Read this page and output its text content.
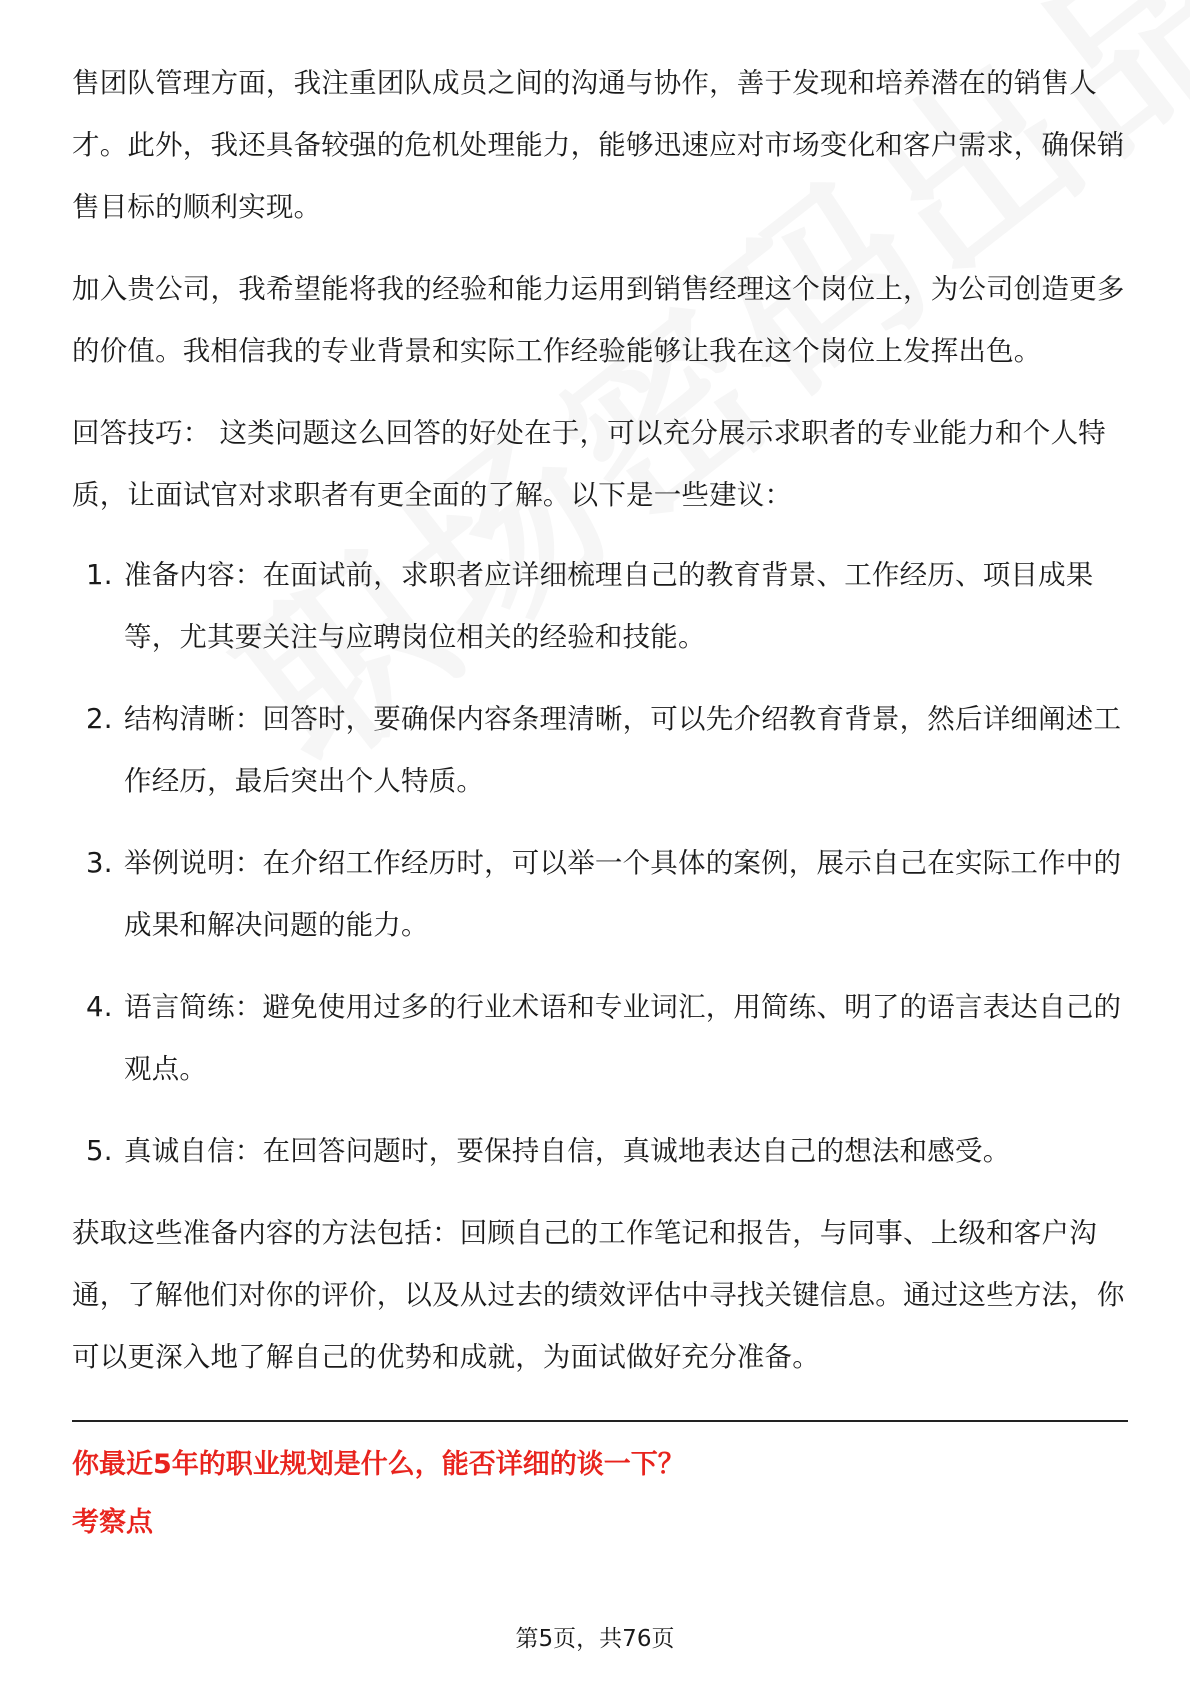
售团队管理方面，我注重团队成员之间的沟通与协作，善于发现和培养潜在的销售人才。此外，我还具备较强的危机处理能力，能够迅速应对市场变化和客户需求，确保销售目标的顺利实现。

加入贵公司，我希望能将我的经验和能力运用到销售经理这个岗位上，为公司创造更多的价值。我相信我的专业背景和实际工作经验能够让我在这个岗位上发挥出色。

回答技巧： 这类问题这么回答的好处在于，可以充分展示求职者的专业能力和个人特质，让面试官对求职者有更全面的了解。以下是一些建议：

1. 准备内容：在面试前，求职者应详细梳理自己的教育背景、工作经历、项目成果等，尤其要关注与应聘岗位相关的经验和技能。
2. 结构清晰：回答时，要确保内容条理清晰，可以先介绍教育背景，然后详细阐述工作经历，最后突出个人特质。
3. 举例说明：在介绍工作经历时，可以举一个具体的案例，展示自己在实际工作中的成果和解决问题的能力。
4. 语言简练：避免使用过多的行业术语和专业词汇，用简练、明了的语言表达自己的观点。
5. 真诚自信：在回答问题时，要保持自信，真诚地表达自己的想法和感受。

获取这些准备内容的方法包括：回顾自己的工作笔记和报告，与同事、上级和客户沟通，了解他们对你的评价，以及从过去的绩效评估中寻找关键信息。通过这些方法，你可以更深入地了解自己的优势和成就，为面试做好充分准备。

你最近5年的职业规划是什么，能否详细的谈一下？

考察点

第5页，共76页
